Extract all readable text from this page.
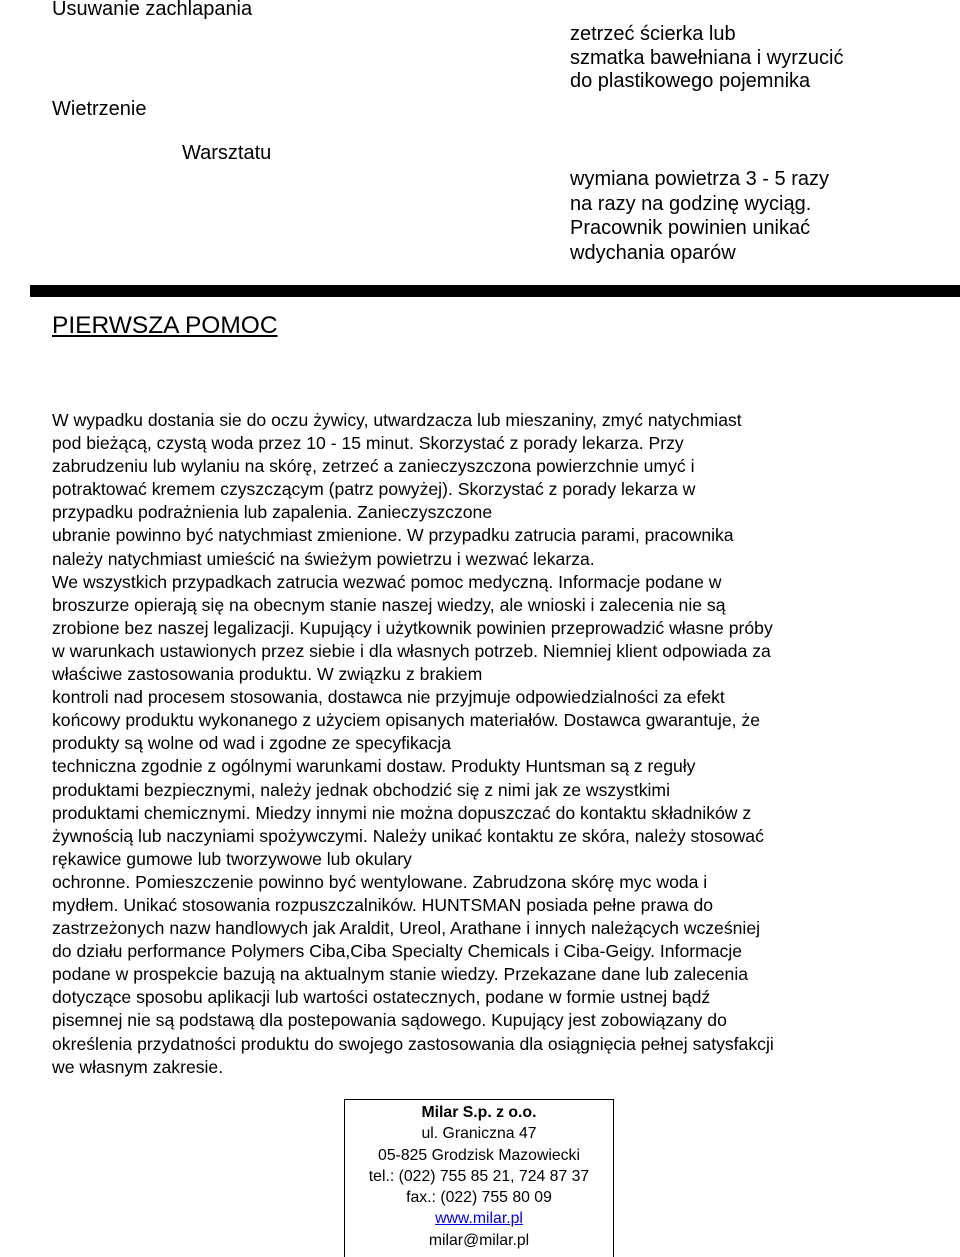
Usuwanie zachlapania
Wietrzenie
Warsztatu
zetrzeć ścierka lub
szmatka bawełniana i wyrzucić
do plastikowego pojemnika
wymiana powietrza 3 - 5 razy
na razy na godzinę wyciąg.
Pracownik powinien unikać
wdychania oparów
PIERWSZA POMOC
W wypadku dostania sie do oczu żywicy, utwardzacza lub mieszaniny, zmyć natychmiast
pod bieżącą, czystą woda przez 10 - 15 minut. Skorzystać z porady lekarza. Przy
zabrudzeniu lub wylaniu na skórę, zetrzeć a zanieczyszczona powierzchnie umyć i
potraktować kremem czyszczącym (patrz powyżej). Skorzystać z porady lekarza w
przypadku podrażnienia lub zapalenia. Zanieczyszczone
ubranie powinno być natychmiast zmienione. W przypadku zatrucia parami, pracownika
należy natychmiast umieścić na świeżym powietrzu i wezwać lekarza.
We wszystkich przypadkach zatrucia wezwać pomoc medyczną. Informacje podane w
broszurze opierają się na obecnym stanie naszej wiedzy, ale wnioski i zalecenia nie są
zrobione bez naszej legalizacji. Kupujący i użytkownik powinien przeprowadzić własne próby
w warunkach ustawionych przez siebie i dla własnych potrzeb. Niemniej klient odpowiada za
właściwe zastosowania produktu. W związku z brakiem
kontroli nad procesem stosowania, dostawca nie przyjmuje odpowiedzialności za efekt
końcowy produktu wykonanego z użyciem opisanych materiałów. Dostawca gwarantuje, że
produkty są wolne od wad i zgodne ze specyfikacja
techniczna zgodnie z ogólnymi warunkami dostaw. Produkty Huntsman są z reguły
produktami bezpiecznymi, należy jednak obchodzić się z nimi jak ze wszystkimi
produktami chemicznymi. Miedzy innymi nie można dopuszczać do kontaktu składników z
żywnością lub naczyniami spożywczymi. Należy unikać kontaktu ze skóra, należy stosować
rękawice gumowe lub tworzywowe lub okulary
ochronne. Pomieszczenie powinno być wentylowane. Zabrudzona skórę myc woda i
mydłem. Unikać stosowania rozpuszczalników. HUNTSMAN posiada pełne prawa do
zastrzeżonych nazw handlowych jak Araldit, Ureol, Arathane i innych należących wcześniej
do działu performance Polymers Ciba,Ciba Specialty Chemicals i Ciba-Geigy. Informacje
podane w prospekcie bazują na aktualnym stanie wiedzy. Przekazane dane lub zalecenia
dotyczące sposobu aplikacji lub wartości ostatecznych, podane w formie ustnej bądź
pisemnej nie są podstawą dla postepowania sądowego. Kupujący jest zobowiązany do
określenia przydatności produktu do swojego zastosowania dla osiągnięcia pełnej satysfakcji
we własnym zakresie.
Milar S.p. z o.o.
ul. Graniczna 47
05-825 Grodzisk Mazowiecki
tel.: (022) 755 85 21, 724 87 37
fax.: (022) 755 80 09
www.milar.pl
milar@milar.pl
